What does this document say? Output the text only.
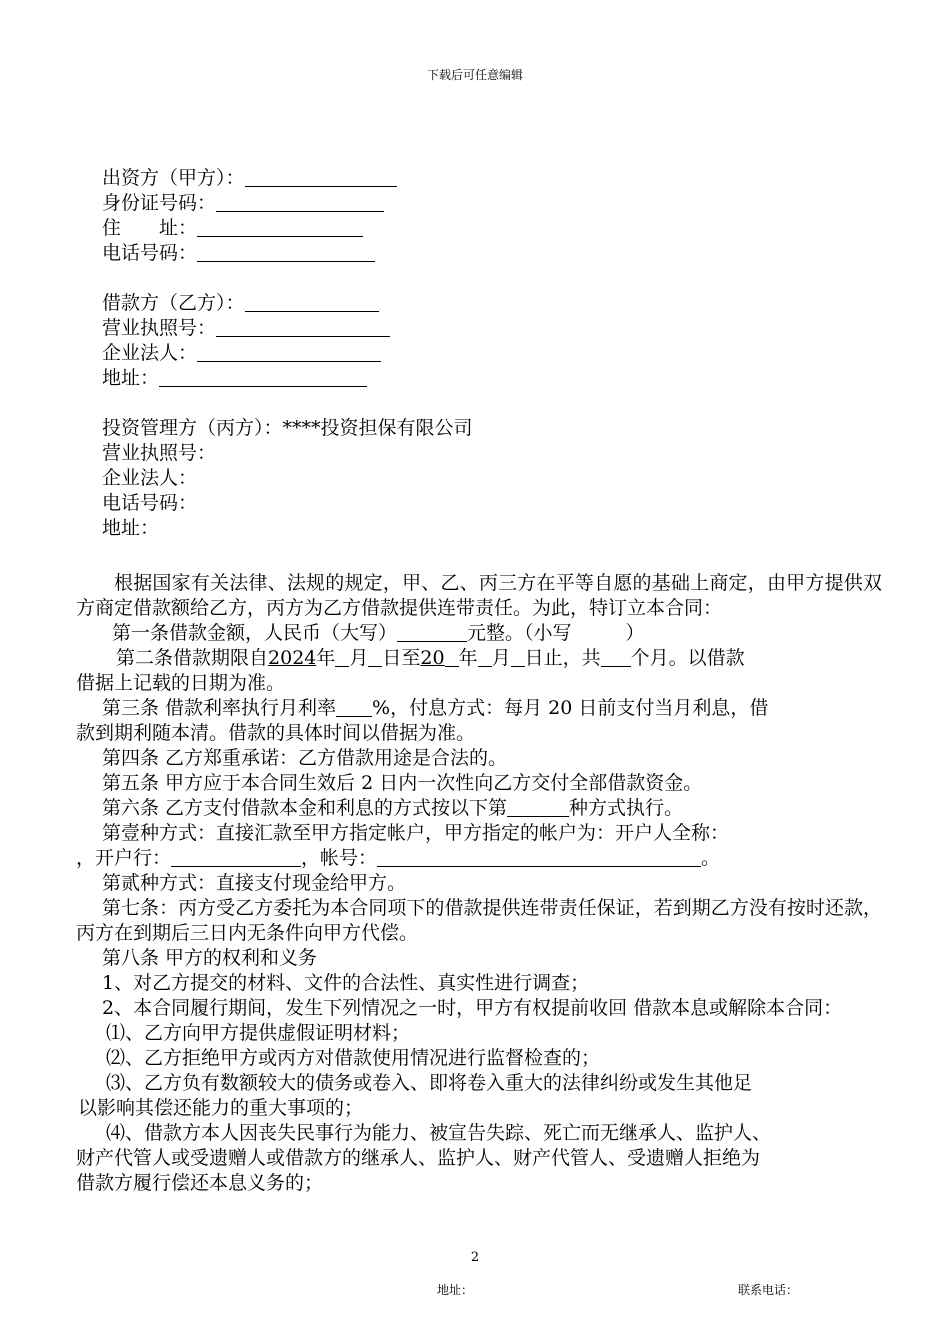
下载后可任意编辑
出资方（甲方）：
身份证号码：
住　　址：
电话号码：
借款方（乙方）：
营业执照号：
企业法人：
地址：
投资管理方（丙方）：****投资担保有限公司
营业执照号：
企业法人：
电话号码：
地址：
根据国家有关法律、法规的规定，甲、乙、丙三方在平等自愿的基础上商定，由甲方提供双方商定借款额给乙方，丙方为乙方借款提供连带责任。为此，特订立本合同：
第一条借款金额，人民币（大写）	元整。（小写	）
第二条借款期限自2024年 月 日至20 年 月 日止，共 个月。以借款
借据上记载的日期为准。
第三条 借款利率执行月利率 %，付息方式：每月 20 日前支付当月利息，借
款到期利随本清。借款的具体时间以借据为准。
第四条 乙方郑重承诺：乙方借款用途是合法的。
第五条 甲方应于本合同生效后 2 日内一次性向乙方交付全部借款资金。
第六条 乙方支付借款本金和利息的方式按以下第	种方式执行。
第壹种方式：直接汇款至甲方指定帐户，甲方指定的帐户为：开户人全称：
，开户行：	，帐号：	。
第贰种方式：直接支付现金给甲方。
第七条：丙方受乙方委托为本合同项下的借款提供连带责任保证，若到期乙方没有按时还款，丙方在到期后三日内无条件向甲方代偿。
第八条 甲方的权利和义务
1、对乙方提交的材料、文件的合法性、真实性进行调查；
2、本合同履行期间，发生下列情况之一时，甲方有权提前收回 借款本息或解除本合同：
⑴、乙方向甲方提供虚假证明材料；
⑵、乙方拒绝甲方或丙方对借款使用情况进行监督检查的；
⑶、乙方负有数额较大的债务或卷入、即将卷入重大的法律纠纷或发生其他足
以影响其偿还能力的重大事项的；
⑷、借款方本人因丧失民事行为能力、被宣告失踪、死亡而无继承人、监护人、
财产代管人或受遗赠人或借款方的继承人、监护人、财产代管人、受遗赠人拒绝为
借款方履行偿还本息义务的；
2
地址：	联系电话：
